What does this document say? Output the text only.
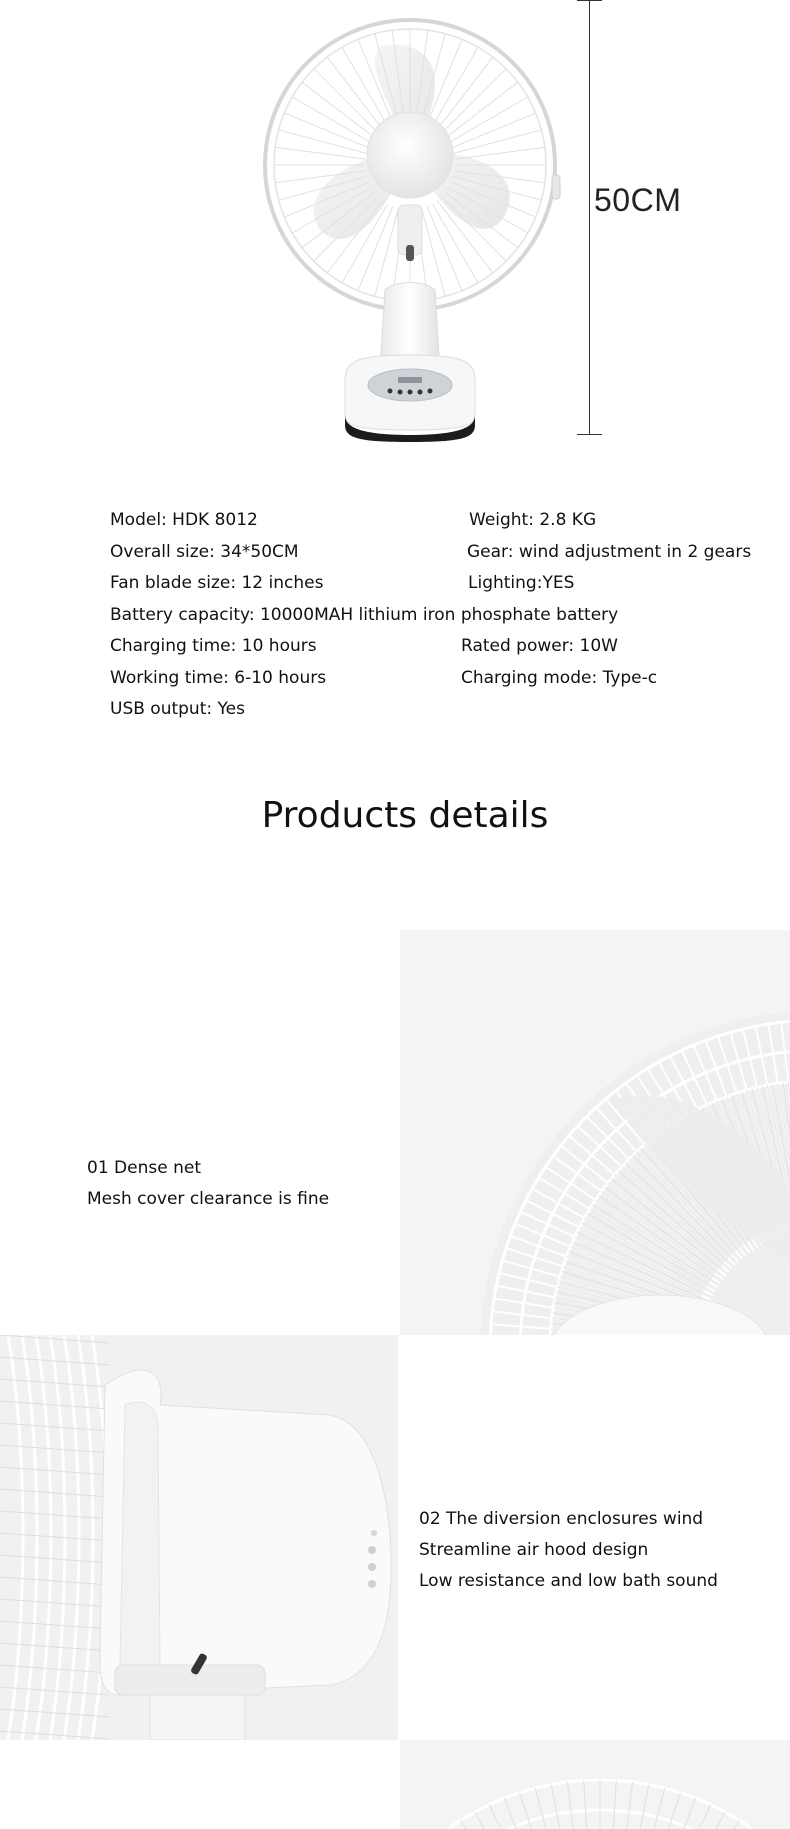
50CM
Model: HDK 8012	Weight: 2.8 KG
Overall size: 34*50CM	Gear: wind adjustment in 2 gears
Fan blade size: 12 inches	Lighting:YES
Battery capacity: 10000MAH lithium iron phosphate battery
Charging time: 10 hours	Rated power: 10W
Working time: 6-10 hours	Charging mode: Type-c
USB output: Yes
Products details
01 Dense net
Mesh cover clearance is fine
02 The diversion enclosures wind
Streamline air hood design
Low resistance and low bath sound
